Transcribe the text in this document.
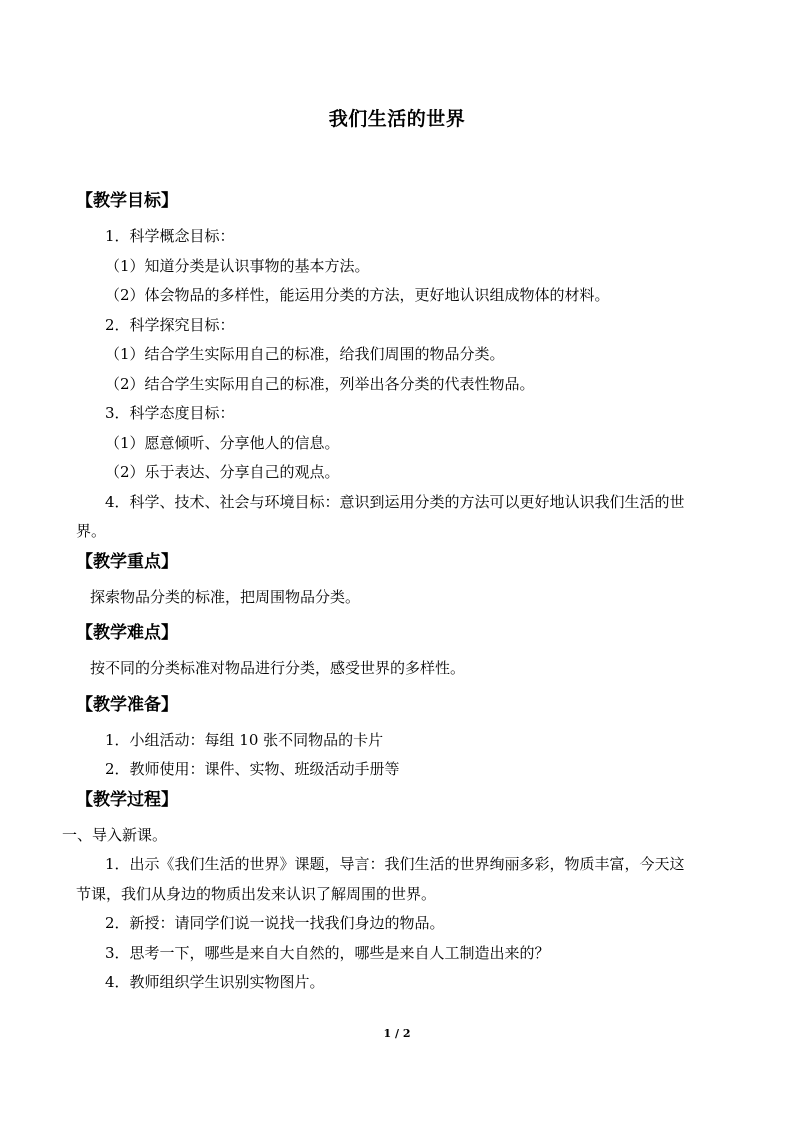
我们生活的世界
【教学目标】
1．科学概念目标：
（1）知道分类是认识事物的基本方法。
（2）体会物品的多样性，能运用分类的方法，更好地认识组成物体的材料。
2．科学探究目标：
（1）结合学生实际用自己的标准，给我们周围的物品分类。
（2）结合学生实际用自己的标准，列举出各分类的代表性物品。
3．科学态度目标：
（1）愿意倾听、分享他人的信息。
（2）乐于表达、分享自己的观点。
4．科学、技术、社会与环境目标：意识到运用分类的方法可以更好地认识我们生活的世
界。
【教学重点】
探索物品分类的标准，把周围物品分类。
【教学难点】
按不同的分类标准对物品进行分类，感受世界的多样性。
【教学准备】
1．小组活动：每组 10 张不同物品的卡片
2．教师使用：课件、实物、班级活动手册等
【教学过程】
一、导入新课。
1．出示《我们生活的世界》课题，导言：我们生活的世界绚丽多彩，物质丰富，今天这
节课，我们从身边的物质出发来认识了解周围的世界。
2．新授：请同学们说一说找一找我们身边的物品。
3．思考一下，哪些是来自大自然的，哪些是来自人工制造出来的？
4．教师组织学生识别实物图片。
1 / 2
